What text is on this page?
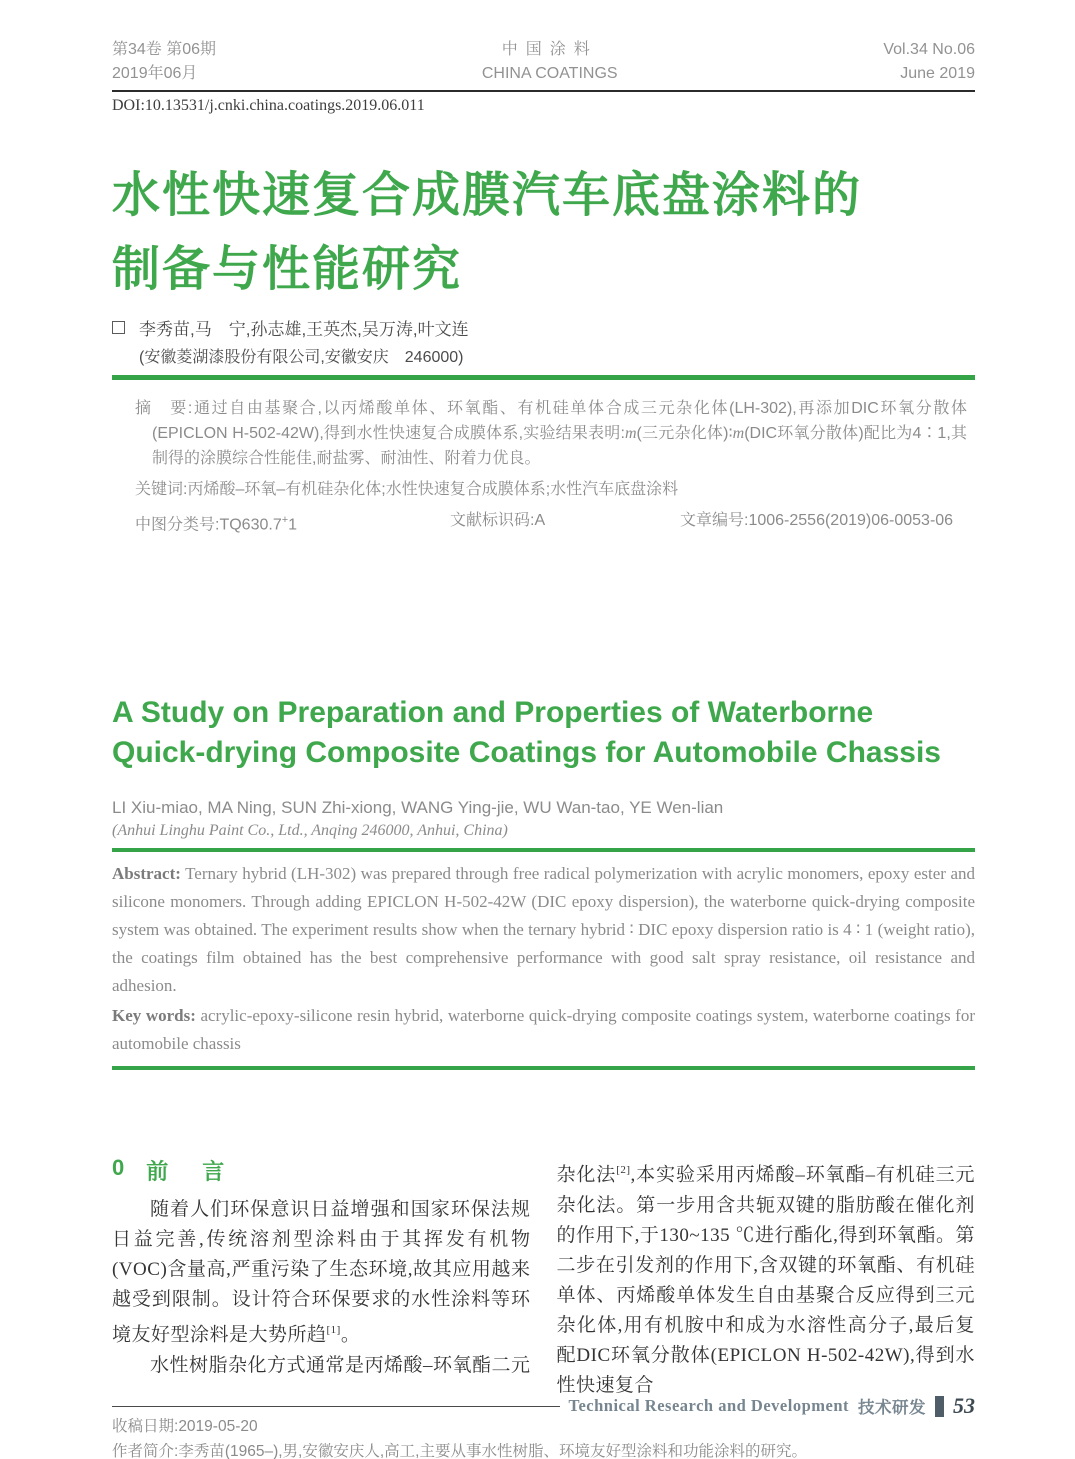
第34卷 第06期
2019年06月
中国涂料
CHINA COATINGS
Vol.34 No.06
June 2019
DOI:10.13531/j.cnki.china.coatings.2019.06.011
水性快速复合成膜汽车底盘涂料的
制备与性能研究
李秀苗,马　宁,孙志雄,王英杰,吴万涛,叶文连
(安徽菱湖漆股份有限公司,安徽安庆　246000)
摘　要:通过自由基聚合,以丙烯酸单体、环氧酯、有机硅单体合成三元杂化体(LH-302),再添加DIC环氧分散体(EPICLON H-502-42W),得到水性快速复合成膜体系,实验结果表明:m(三元杂化体)∶m(DIC环氧分散体)配比为4∶1,其制得的涂膜综合性能佳,耐盐雾、耐油性、附着力优良。
关键词:丙烯酸–环氧–有机硅杂化体;水性快速复合成膜体系;水性汽车底盘涂料
中图分类号:TQ630.7+1	文献标识码:A	文章编号:1006-2556(2019)06-0053-06
A Study on Preparation and Properties of Waterborne
Quick-drying Composite Coatings for Automobile Chassis
LI Xiu-miao, MA Ning, SUN Zhi-xiong, WANG Ying-jie, WU Wan-tao, YE Wen-lian
(Anhui Linghu Paint Co., Ltd., Anqing 246000, Anhui, China)
Abstract: Ternary hybrid (LH-302) was prepared through free radical polymerization with acrylic monomers, epoxy ester and silicone monomers. Through adding EPICLON H-502-42W (DIC epoxy dispersion), the waterborne quick-drying composite system was obtained. The experiment results show when the ternary hybrid ∶ DIC epoxy dispersion ratio is 4 ∶ 1 (weight ratio), the coatings film obtained has the best comprehensive performance with good salt spray resistance, oil resistance and adhesion.
Key words: acrylic-epoxy-silicone resin hybrid, waterborne quick-drying composite coatings system, waterborne coatings for automobile chassis
0 前　言

随着人们环保意识日益增强和国家环保法规日益完善,传统溶剂型涂料由于其挥发有机物(VOC)含量高,严重污染了生态环境,故其应用越来越受到限制。设计符合环保要求的水性涂料等环境友好型涂料是大势所趋[1]。

水性树脂杂化方式通常是丙烯酸–环氧酯二元

杂化法[2],本实验采用丙烯酸–环氧酯–有机硅三元杂化法。第一步用含共轭双键的脂肪酸在催化剂的作用下,于130~135 ℃进行酯化,得到环氧酯。第二步在引发剂的作用下,含双键的环氧酯、有机硅单体、丙烯酸单体发生自由基聚合反应得到三元杂化体,用有机胺中和成为水溶性高分子,最后复配DIC环氧分散体(EPICLON H-502-42W),得到水性快速复合

收稿日期:2019-05-20
作者简介:李秀苗(1965–),男,安徽安庆人,高工,主要从事水性树脂、环境友好型涂料和功能涂料的研究。
Technical Research and Development 技术研发 53
